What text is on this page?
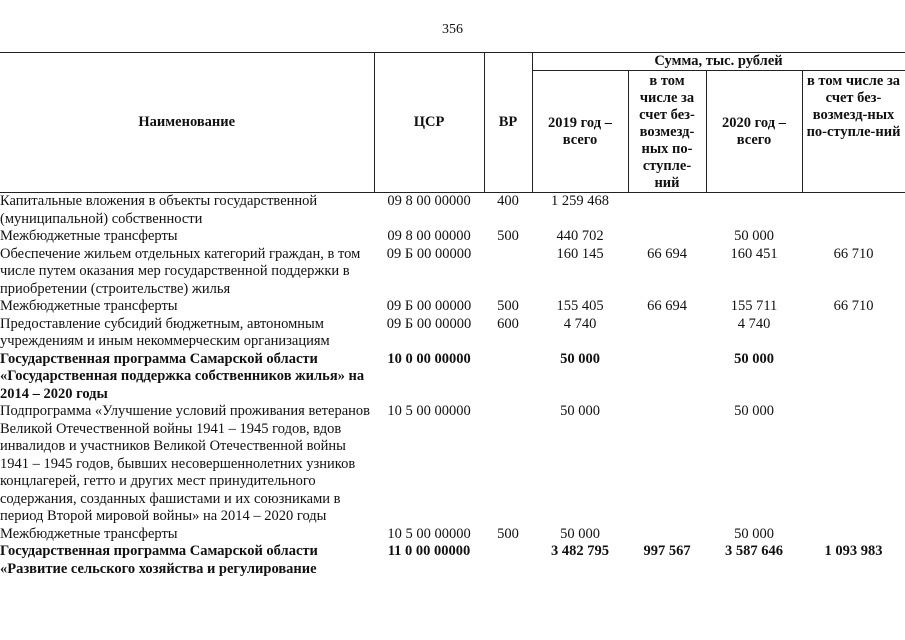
356
Наименование	ЦСР	ВР	Сумма, тыс. рублей			
			2019 год – всего	в том числе за счет без-возмезд-ных по-ступле-ний	2020 год – всего	в том числе за счет без-возмезд-ных по-ступле-ний
Капитальные вложения в объекты государственной (муниципальной) собственности	09 8 00 00000	400	1 259 468			
Межбюджетные трансферты	09 8 00 00000	500	440 702		50 000	
Обеспечение жильем отдельных категорий граждан, в том числе путем оказания мер государственной поддержки в приобретении (строительстве) жилья	09 Б 00 00000		160 145	66 694	160 451	66 710
Межбюджетные трансферты	09 Б 00 00000	500	155 405	66 694	155 711	66 710
Предоставление субсидий бюджетным, автономным учреждениям и иным некоммерческим организациям	09 Б 00 00000	600	4 740		4 740	
Государственная программа Самарской области «Государственная поддержка собственников жилья» на 2014 – 2020 годы	10 0 00 00000		50 000		50 000	
Подпрограмма «Улучшение условий проживания ветеранов Великой Отечественной войны 1941 – 1945 годов, вдов инвалидов и участников Великой Отечественной войны 1941 – 1945 годов, бывших несовершеннолетних узников концлагерей, гетто и других мест принудительного содержания, созданных фашистами и их союзниками в период Второй мировой войны» на 2014 – 2020 годы	10 5 00 00000		50 000		50 000	
Межбюджетные трансферты	10 5 00 00000	500	50 000		50 000	
Государственная программа Самарской области «Развитие сельского хозяйства и регулирование	11 0 00 00000		3 482 795	997 567	3 587 646	1 093 983
